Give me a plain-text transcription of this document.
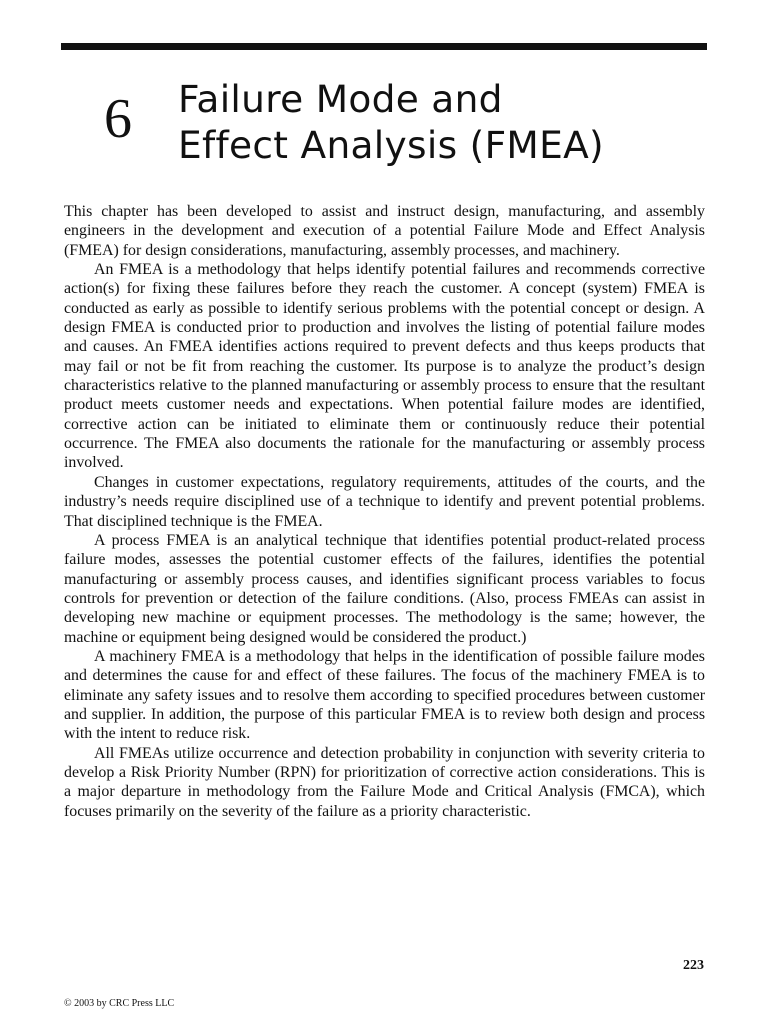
6 Failure Mode and
Effect Analysis (FMEA)

This chapter has been developed to assist and instruct design, manufacturing, and assembly engineers in the development and execution of a potential Failure Mode and Effect Analysis (FMEA) for design considerations, manufacturing, assembly processes, and machinery.

An FMEA is a methodology that helps identify potential failures and recommends corrective action(s) for fixing these failures before they reach the customer. A concept (system) FMEA is conducted as early as possible to identify serious problems with the potential concept or design. A design FMEA is conducted prior to production and involves the listing of potential failure modes and causes. An FMEA identifies actions required to prevent defects and thus keeps products that may fail or not be fit from reaching the customer. Its purpose is to analyze the product’s design characteristics relative to the planned manufacturing or assembly process to ensure that the resultant product meets customer needs and expectations. When potential failure modes are identified, corrective action can be initiated to eliminate them or continuously reduce their potential occurrence. The FMEA also documents the rationale for the manufacturing or assembly process involved.

Changes in customer expectations, regulatory requirements, attitudes of the courts, and the industry’s needs require disciplined use of a technique to identify and prevent potential problems. That disciplined technique is the FMEA.

A process FMEA is an analytical technique that identifies potential product-related process failure modes, assesses the potential customer effects of the failures, identifies the potential manufacturing or assembly process causes, and identifies significant process variables to focus controls for prevention or detection of the failure conditions. (Also, process FMEAs can assist in developing new machine or equipment processes. The methodology is the same; however, the machine or equipment being designed would be considered the product.)

A machinery FMEA is a methodology that helps in the identification of possible failure modes and determines the cause for and effect of these failures. The focus of the machinery FMEA is to eliminate any safety issues and to resolve them according to specified procedures between customer and supplier. In addition, the purpose of this particular FMEA is to review both design and process with the intent to reduce risk.

All FMEAs utilize occurrence and detection probability in conjunction with severity criteria to develop a Risk Priority Number (RPN) for prioritization of corrective action considerations. This is a major departure in methodology from the Failure Mode and Critical Analysis (FMCA), which focuses primarily on the severity of the failure as a priority characteristic.

223
© 2003 by CRC Press LLC
